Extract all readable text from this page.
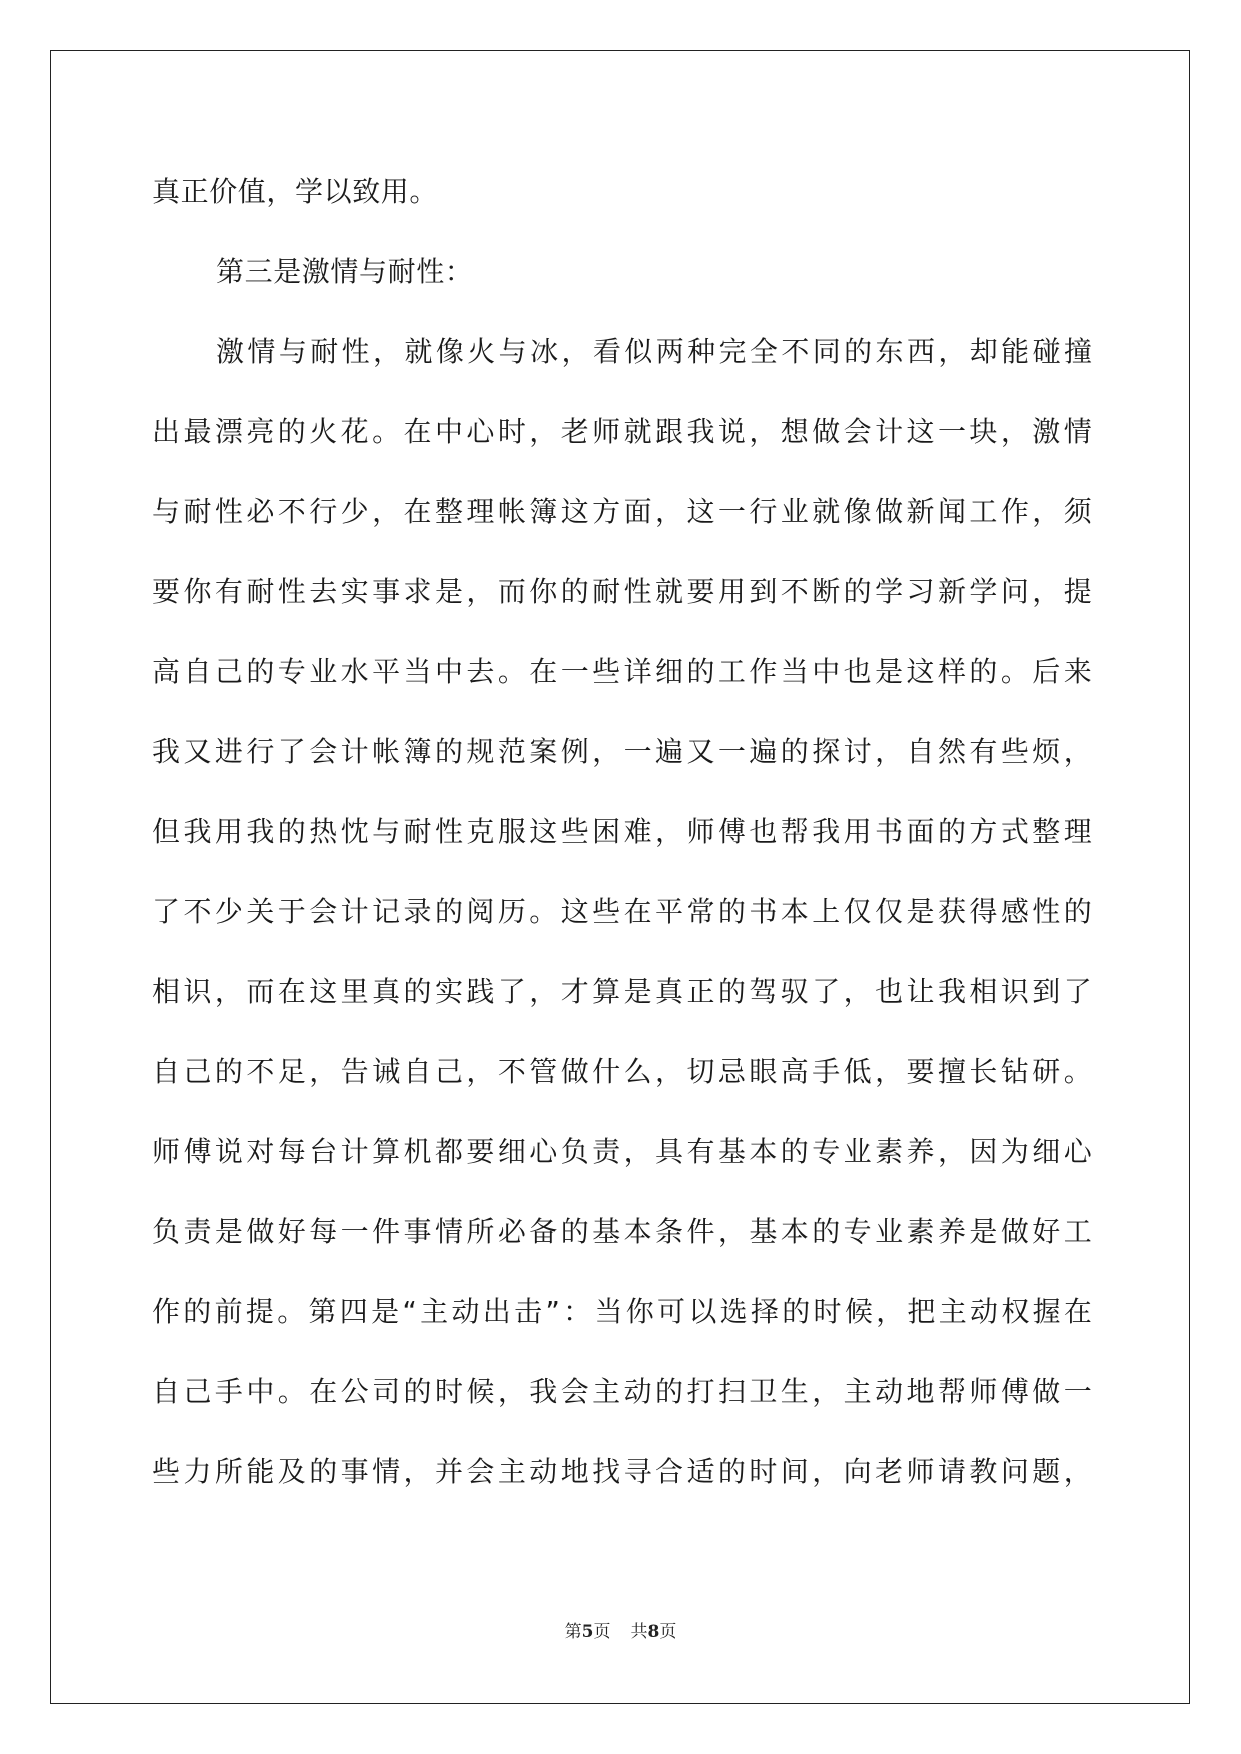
真正价值，学以致用。
第三是激情与耐性：
激 情 与 耐 性 ， 就 像 火 与 冰 ， 看 似 两 种 完 全 不 同 的 东 西 ， 却 能 碰 撞
出 最 漂 亮 的 火 花 。 在 中 心 时 ， 老 师 就 跟 我 说 ， 想 做 会 计 这 一 块 ， 激 情
与 耐 性 必 不 行 少 ， 在 整 理 帐 簿 这 方 面 ， 这 一 行 业 就 像 做 新 闻 工 作 ， 须
要 你 有 耐 性 去 实 事 求 是 ， 而 你 的 耐 性 就 要 用 到 不 断 的 学 习 新 学 问 ， 提
高 自 己 的 专 业 水 平 当 中 去 。 在 一 些 详 细 的 工 作 当 中 也 是 这 样 的 。 后 来
我 又 进 行 了 会 计 帐 簿 的 规 范 案 例 ， 一 遍 又 一 遍 的 探 讨 ， 自 然 有 些 烦 ，
但 我 用 我 的 热 忱 与 耐 性 克 服 这 些 困 难 ， 师 傅 也 帮 我 用 书 面 的 方 式 整 理
了 不 少 关 于 会 计 记 录 的 阅 历 。 这 些 在 平 常 的 书 本 上 仅 仅 是 获 得 感 性 的
相 识 ， 而 在 这 里 真 的 实 践 了 ， 才 算 是 真 正 的 驾 驭 了 ， 也 让 我 相 识 到 了
自 己 的 不 足 ， 告 诫 自 己 ， 不 管 做 什 么 ， 切 忌 眼 高 手 低 ， 要 擅 长 钻 研 。
师 傅 说 对 每 台 计 算 机 都 要 细 心 负 责 ， 具 有 基 本 的 专 业 素 养 ， 因 为 细 心
负 责 是 做 好 每 一 件 事 情 所 必 备 的 基 本 条 件 ， 基 本 的 专 业 素 养 是 做 好 工
作 的 前 提 。 第 四 是 “ 主 动 出 击 ” ： 当 你 可 以 选 择 的 时 候 ， 把 主 动 权 握 在
自 己 手 中 。 在 公 司 的 时 候 ， 我 会 主 动 的 打 扫 卫 生 ， 主 动 地 帮 师 傅 做 一
些 力 所 能 及 的 事 情 ， 并 会 主 动 地 找 寻 合 适 的 时 间 ， 向 老 师 请 教 问 题 ，
第5页 共8页
